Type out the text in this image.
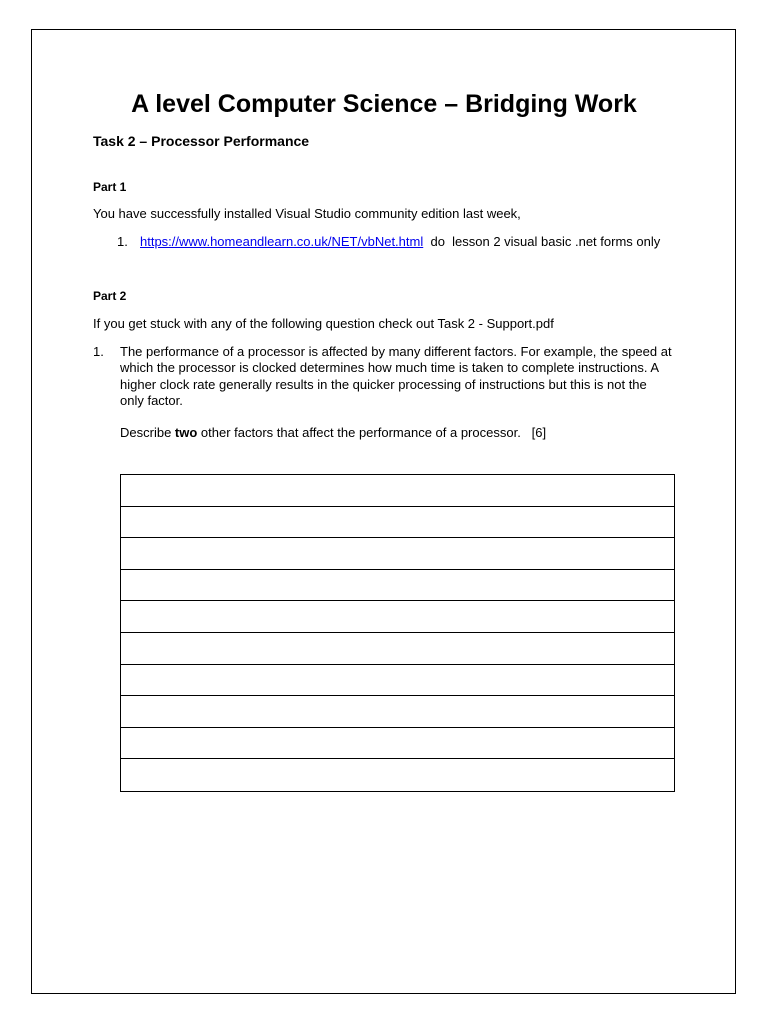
A level Computer Science – Bridging Work
Task 2 – Processor Performance
Part 1
You have successfully installed Visual Studio community edition last week,
1. https://www.homeandlearn.co.uk/NET/vbNet.html  do  lesson 2 visual basic .net forms only
Part 2
If you get stuck with any of the following question check out Task 2 - Support.pdf
1. The performance of a processor is affected by many different factors. For example, the speed at
which the processor is clocked determines how much time is taken to complete instructions. A
higher clock rate generally results in the quicker processing of instructions but this is not the
only factor.
Describe two other factors that affect the performance of a processor.   [6]
